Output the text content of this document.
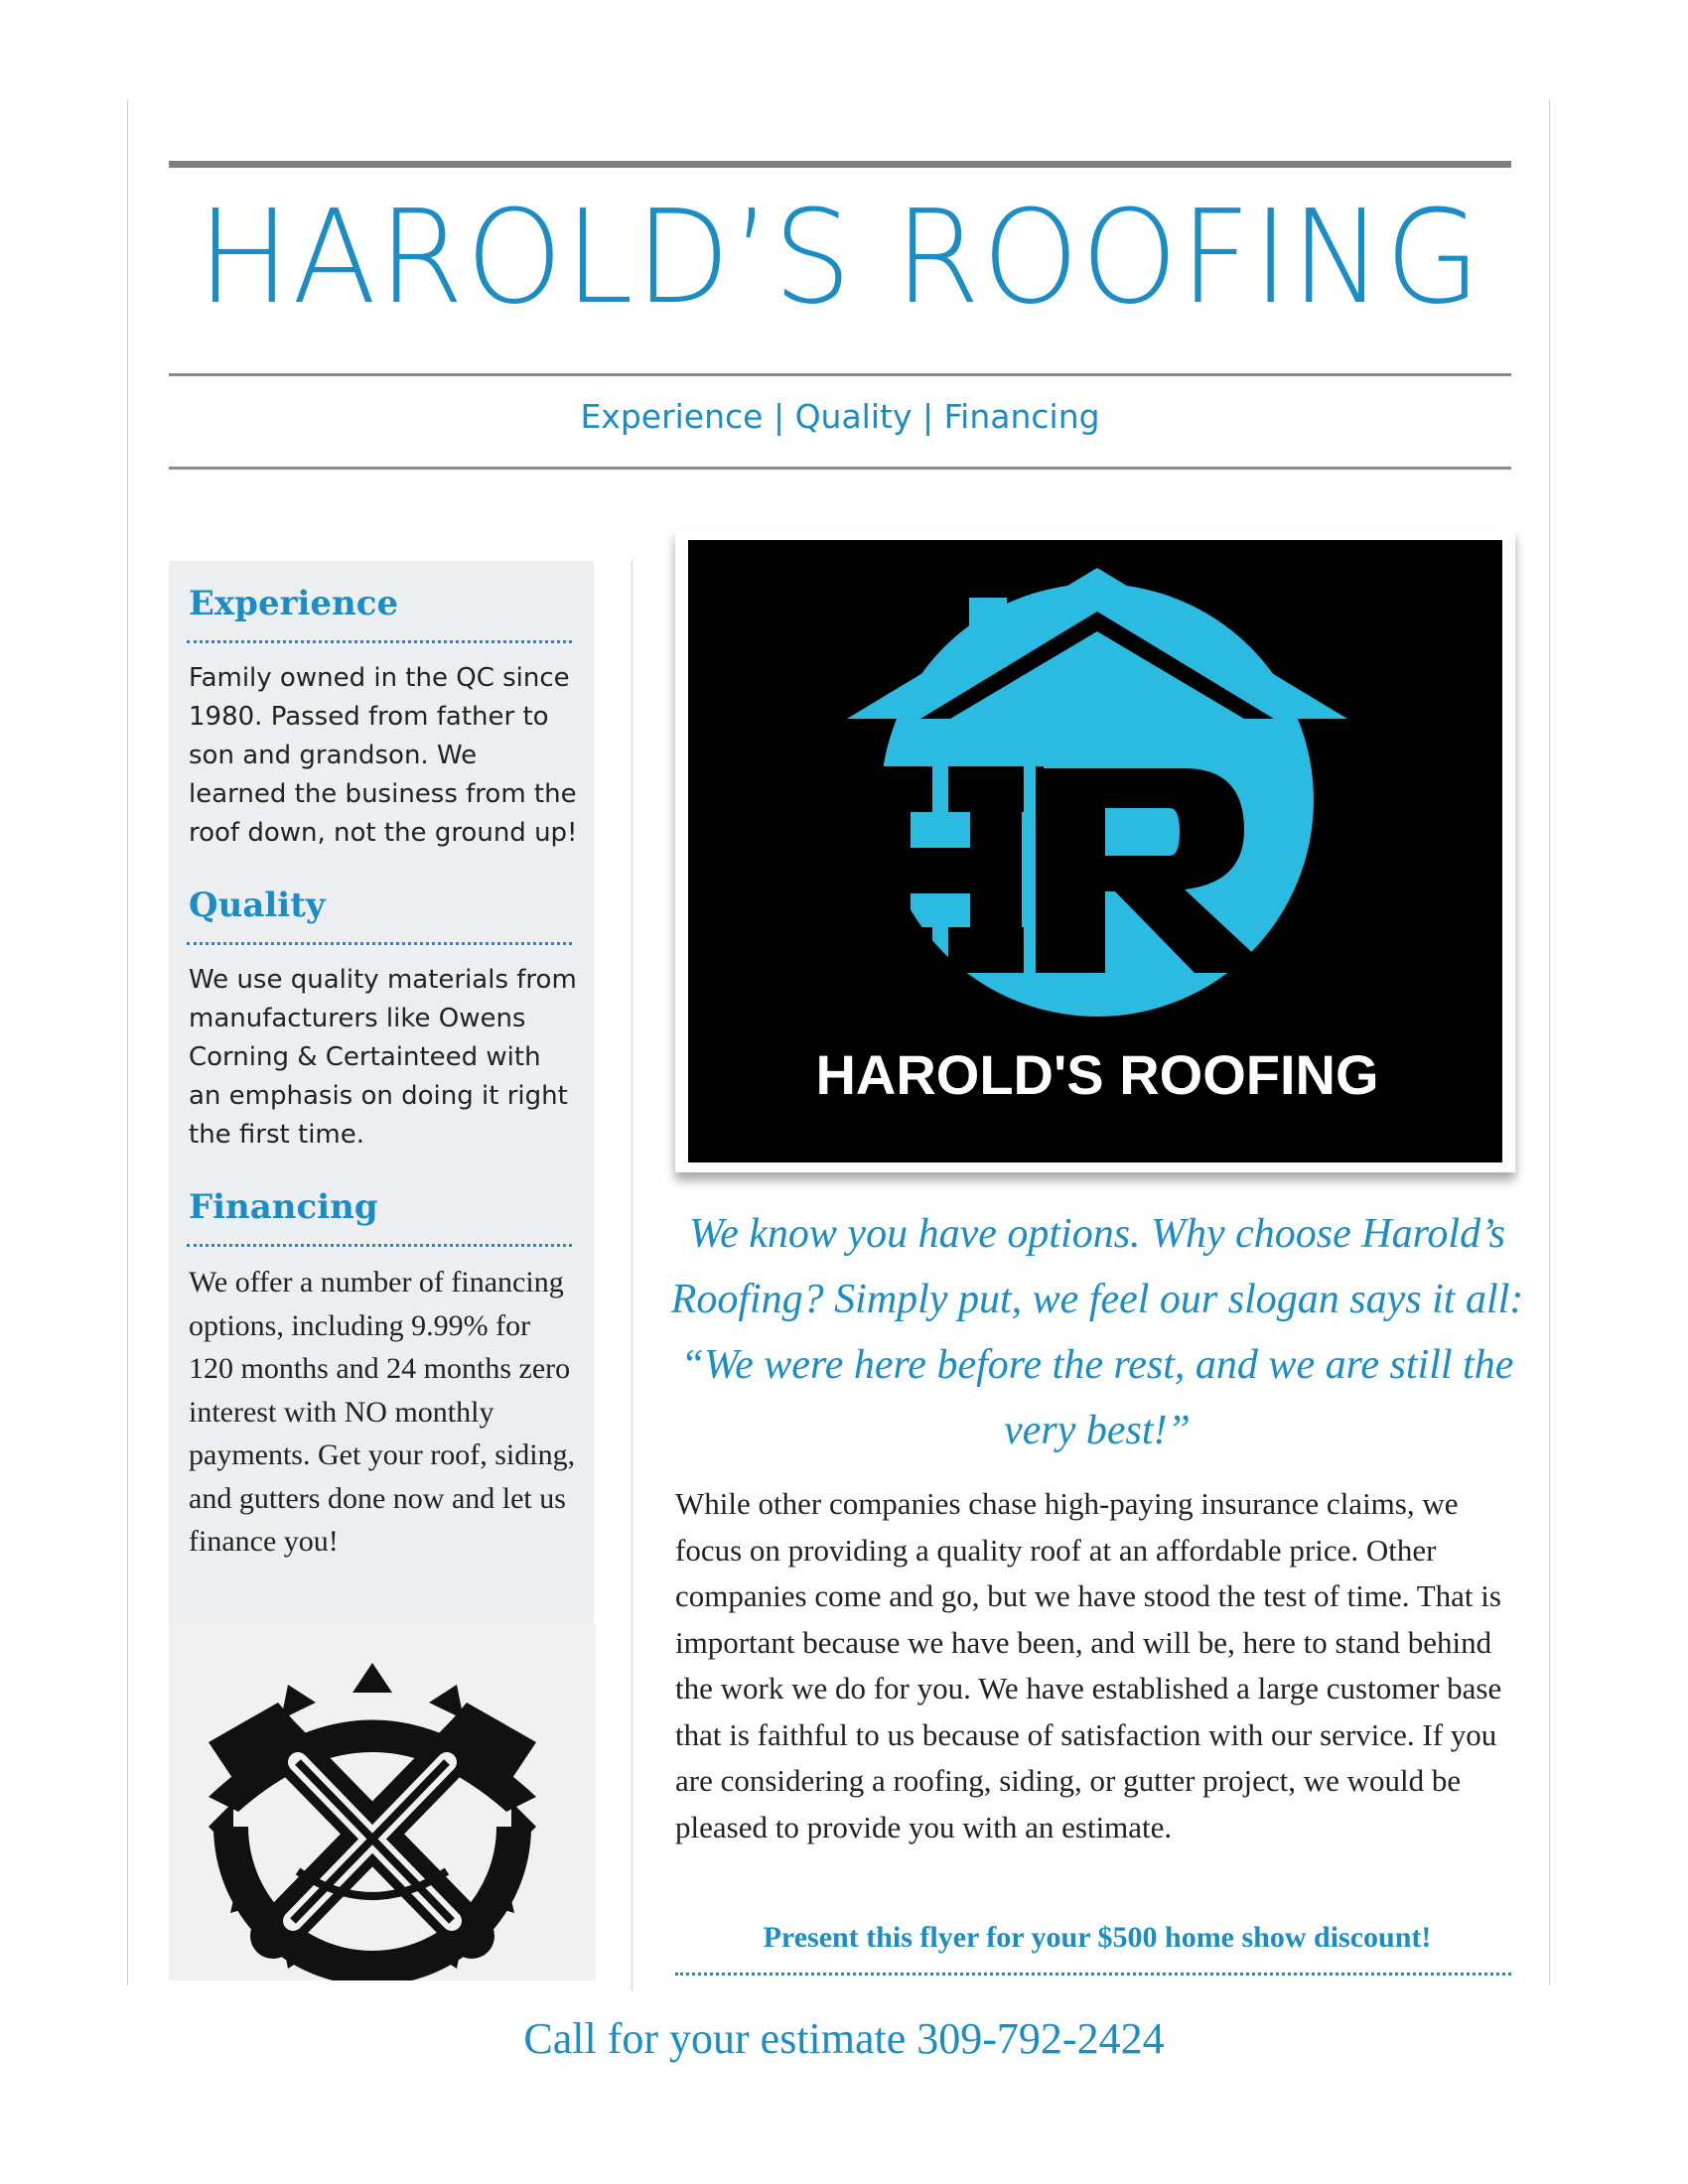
HAROLD’S ROOFING
Experience | Quality | Financing
Experience

Family owned in the QC since 1980. Passed from father to son and grandson. We learned the business from the roof down, not the ground up!

Quality

We use quality materials from manufacturers like Owens Corning & Certainteed with an emphasis on doing it right the first time.

Financing

We offer a number of financing options, including 9.99% for 120 months and 24 months zero interest with NO monthly payments. Get your roof, siding, and gutters done now and let us finance you!

HAROLD'S ROOFING

We know you have options. Why choose Harold’s Roofing? Simply put, we feel our slogan says it all: “We were here before the rest, and we are still the very best!”

While other companies chase high-paying insurance claims, we focus on providing a quality roof at an affordable price. Other companies come and go, but we have stood the test of time. That is important because we have been, and will be, here to stand behind the work we do for you. We have established a large customer base that is faithful to us because of satisfaction with our service. If you are considering a roofing, siding, or gutter project, we would be pleased to provide you with an estimate.

Present this flyer for your $500 home show discount!

Call for your estimate 309-792-2424
